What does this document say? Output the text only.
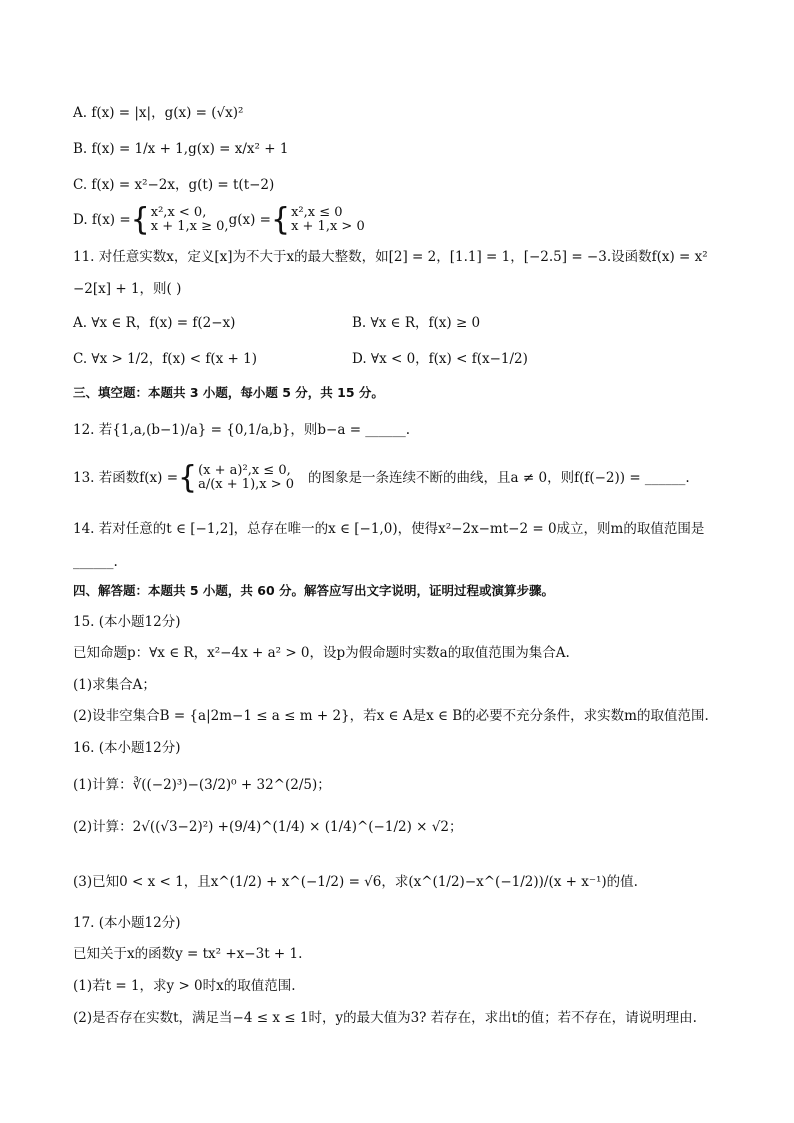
A. f(x) = |x|，g(x) = (√x)²
B. f(x) = 1/x + 1,g(x) = x/x² + 1
C. f(x) = x²−2x，g(t) = t(t−2)
D. f(x) = { x²,x < 0,
x + 1,x ≥ 0, g(x) = { x²,x ≤ 0
x + 1,x > 0
11. 对任意实数x，定义[x]为不大于x的最大整数，如[2] = 2，[1.1] = 1，[−2.5] = −3.设函数f(x) = x²
−2[x] + 1，则( )
A. ∀x ∈ R，f(x) = f(2−x)	B. ∀x ∈ R，f(x) ≥ 0
C. ∀x > 1/2，f(x) < f(x + 1)	D. ∀x < 0，f(x) < f(x−1/2)
三、填空题：本题共 3 小题，每小题 5 分，共 15 分。
12. 若{1,a,(b−1)/a} = {0,1/a,b}，则b−a = ______.
13. 若函数f(x) = { (x + a)²,x ≤ 0,
a/(x + 1),x > 0 的图象是一条连续不断的曲线，且a ≠ 0，则f(f(−2)) = ______.
14. 若对任意的t ∈ [−1,2]，总存在唯一的x ∈ [−1,0)，使得x²−2x−mt−2 = 0成立，则m的取值范围是
______.
四、解答题：本题共 5 小题，共 60 分。解答应写出文字说明，证明过程或演算步骤。
15. (本小题12分)
已知命题p：∀x ∈ R，x²−4x + a² > 0，设p为假命题时实数a的取值范围为集合A.
(1)求集合A；
(2)设非空集合B = {a|2m−1 ≤ a ≤ m + 2}，若x ∈ A是x ∈ B的必要不充分条件，求实数m的取值范围.
16. (本小题12分)
(1)计算：∛((−2)³)−(3/2)⁰ + 32^(2/5)；
(2)计算：2√((√3−2)²) +(9/4)^(1/4) × (1/4)^(−1/2) × √2；
(3)已知0 < x < 1，且x^(1/2) + x^(−1/2) = √6，求(x^(1/2)−x^(−1/2))/(x + x⁻¹)的值.
17. (本小题12分)
已知关于x的函数y = tx² +x−3t + 1.
(1)若t = 1，求y > 0时x的取值范围.
(2)是否存在实数t，满足当−4 ≤ x ≤ 1时，y的最大值为3? 若存在，求出t的值；若不存在，请说明理由.
